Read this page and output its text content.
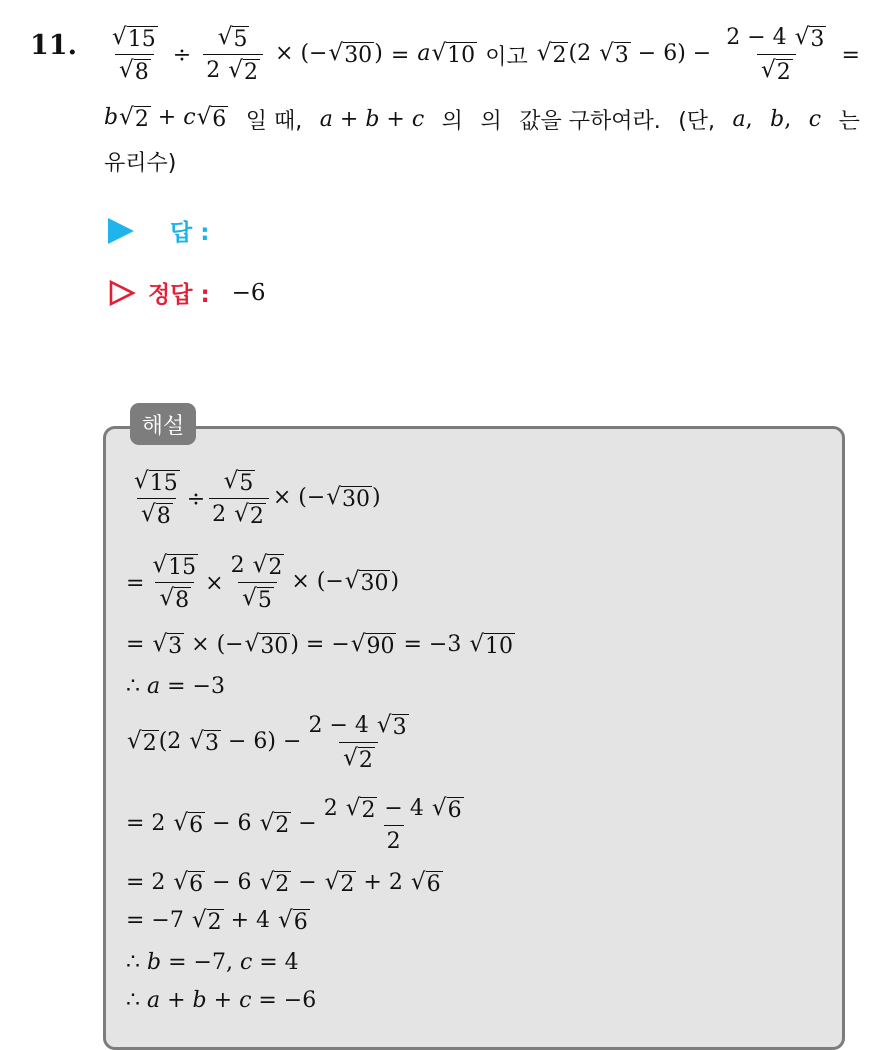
11. $\frac{√ 15}{√ 8} \div \frac{√ 5}{2 √ 2}$ × (− √ 30 ) = a √ 10 이고 √ 2 (2 √ $3 - 6) - \frac{2 - 4 √ 3}{√ 2}$ =
b √ 2 + c √ 6 일 때, a + b + c 의 의 값을 구하여라. (단, a, b, c 는
유리수)
답 :
정답 : −6
해설
$\frac{√ 15}{√ 8} \div \frac{√ 5}{2 √ 2}$ × (− √ 30 )
= $\frac{√ 15}{√ 8} \times \frac{2 √ 2}{√ 5}$ × (− √ 30 )
= √ 3 × (− √ 30 ) = − √ 90 = −3 √ 10
∴ a = −3
√ 2 (2 √ $3 - 6) - \frac{2 - 4 √ 3}{√ 2}$
= 2 √ 6 − 6 √ $2 - \frac{2 √ 2 - 4 √ 6}{2}$
= 2 √ 6 − 6 √ 2 − √ 2 + 2 √ 6
= −7 √ 2 + 4 √ 6
∴ b = −7, c = 4
∴ a + b + c = −6
